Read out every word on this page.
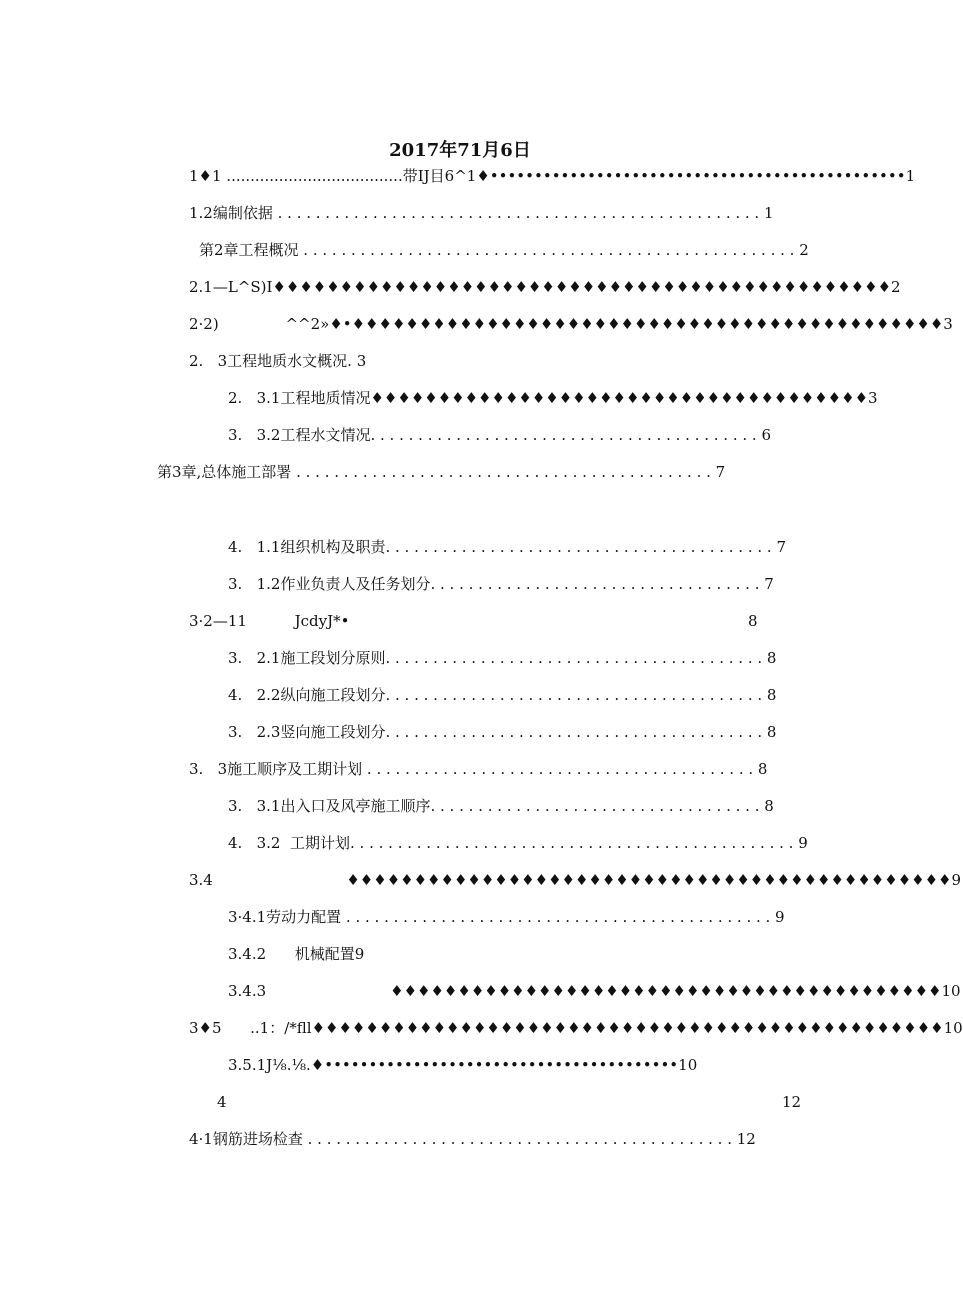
2017年71月6日
1♦1 .....................................带IJ目6^1♦•••••••••••••••••••••••••••••••••••••••••••••••1
1.2编制依据 . . . . . . . . . . . . . . . . . . . . . . . . . . . . . . . . . . . . . . . . . . . . . . . . . . . 1
第2章工程概况 . . . . . . . . . . . . . . . . . . . . . . . . . . . . . . . . . . . . . . . . . . . . . . . . . . . . 2
2.1—L^S)I♦♦♦♦♦♦♦♦♦♦♦♦♦♦♦♦♦♦♦♦♦♦♦♦♦♦♦♦♦♦♦♦♦♦♦♦♦♦♦♦♦♦♦♦♦♦2
2·2)              ^^2»♦•♦♦♦♦♦♦♦♦♦♦♦♦♦♦♦♦♦♦♦♦♦♦♦♦♦♦♦♦♦♦♦♦♦♦♦♦♦♦♦♦♦♦♦♦3
2.   3工程地质水文概况. 3
2.   3.1工程地质情况♦♦♦♦♦♦♦♦♦♦♦♦♦♦♦♦♦♦♦♦♦♦♦♦♦♦♦♦♦♦♦♦♦♦♦♦♦3
3.   3.2工程水文情况. . . . . . . . . . . . . . . . . . . . . . . . . . . . . . . . . . . . . . . . . 6
第3章,总体施工部署 . . . . . . . . . . . . . . . . . . . . . . . . . . . . . . . . . . . . . . . . . . . . 7
4.   1.1组织机构及职责. . . . . . . . . . . . . . . . . . . . . . . . . . . . . . . . . . . . . . . . . 7
3.   1.2作业负责人及任务划分. . . . . . . . . . . . . . . . . . . . . . . . . . . . . . . . . . . 7
3·2—11          JcdyJ*•	8
3.   2.1施工段划分原则. . . . . . . . . . . . . . . . . . . . . . . . . . . . . . . . . . . . . . . . 8
4.   2.2纵向施工段划分. . . . . . . . . . . . . . . . . . . . . . . . . . . . . . . . . . . . . . . . 8
3.   2.3竖向施工段划分. . . . . . . . . . . . . . . . . . . . . . . . . . . . . . . . . . . . . . . . 8
3.   3施工顺序及工期计划 . . . . . . . . . . . . . . . . . . . . . . . . . . . . . . . . . . . . . . . . . 8
3.   3.1出入口及风亭施工顺序. . . . . . . . . . . . . . . . . . . . . . . . . . . . . . . . . . . 8
4.   3.2  工期计划. . . . . . . . . . . . . . . . . . . . . . . . . . . . . . . . . . . . . . . . . . . . . . . 9
3.4                            ♦♦♦♦♦♦♦♦♦♦♦♦♦♦♦♦♦♦♦♦♦♦♦♦♦♦♦♦♦♦♦♦♦♦♦♦♦♦♦♦♦♦♦♦♦9
3·4.1劳动力配置 . . . . . . . . . . . . . . . . . . . . . . . . . . . . . . . . . . . . . . . . . . . . . 9
3.4.2      机械配置9
3.4.3                          ♦♦♦♦♦♦♦♦♦♦♦♦♦♦♦♦♦♦♦♦♦♦♦♦♦♦♦♦♦♦♦♦♦♦♦♦♦♦♦♦♦10
3♦5      ..1：/*fll♦♦♦♦♦♦♦♦♦♦♦♦♦♦♦♦♦♦♦♦♦♦♦♦♦♦♦♦♦♦♦♦♦♦♦♦♦♦♦♦♦♦♦♦♦♦♦10
3.5.1J⅛.⅛.♦••••••••••••••••••••••••••••••••••••••••10
4	12
4·1钢筋进场检查 . . . . . . . . . . . . . . . . . . . . . . . . . . . . . . . . . . . . . . . . . . . . . 12
